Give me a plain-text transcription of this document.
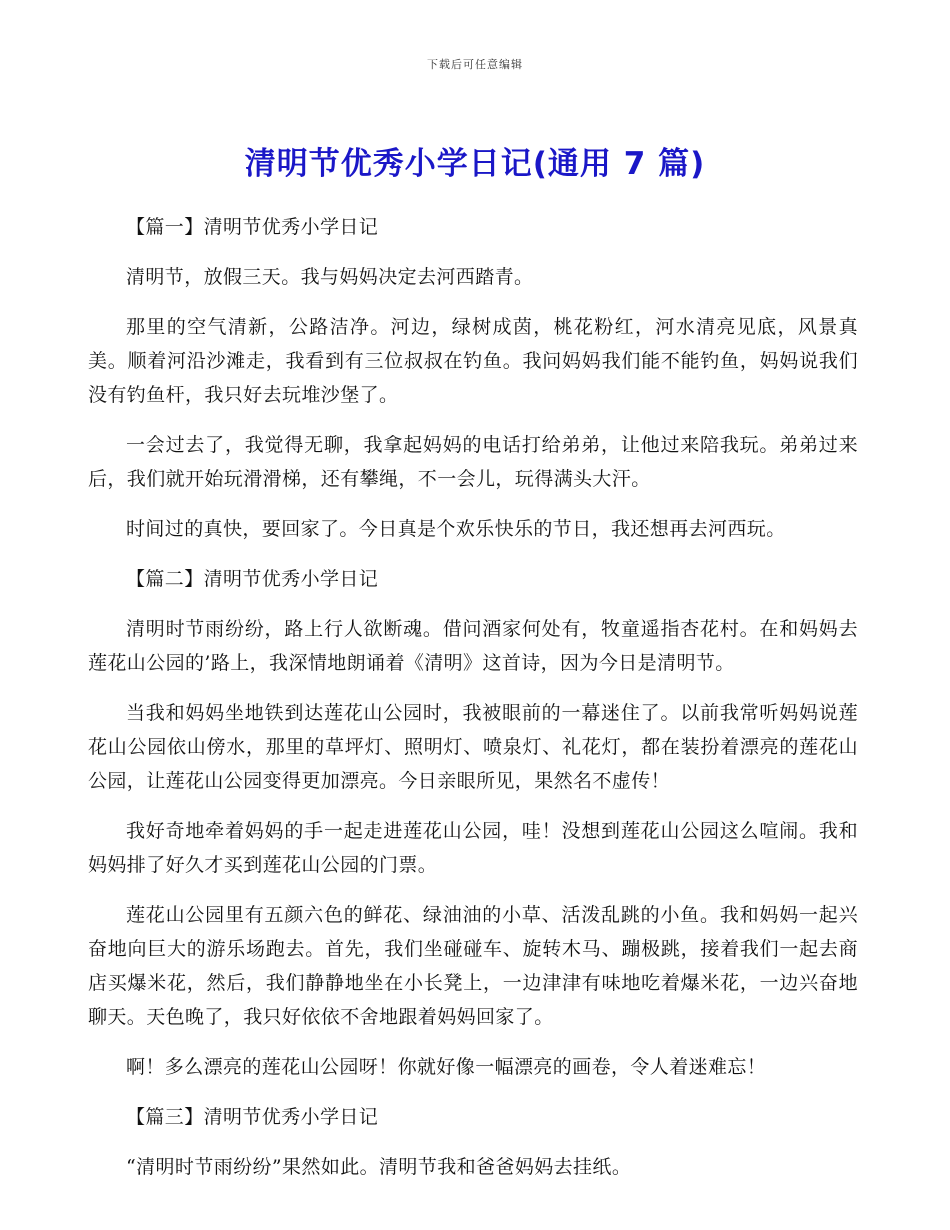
下载后可任意编辑
清明节优秀小学日记(通用 7 篇)

【篇一】清明节优秀小学日记

清明节，放假三天。我与妈妈决定去河西踏青。

那里的空气清新，公路洁净。河边，绿树成茵，桃花粉红，河水清亮见底，风景真美。顺着河沿沙滩走，我看到有三位叔叔在钓鱼。我问妈妈我们能不能钓鱼，妈妈说我们没有钓鱼杆，我只好去玩堆沙堡了。

一会过去了，我觉得无聊，我拿起妈妈的电话打给弟弟，让他过来陪我玩。弟弟过来后，我们就开始玩滑滑梯，还有攀绳，不一会儿，玩得满头大汗。

时间过的真快，要回家了。今日真是个欢乐快乐的节日，我还想再去河西玩。

【篇二】清明节优秀小学日记

清明时节雨纷纷，路上行人欲断魂。借问酒家何处有，牧童遥指杏花村。在和妈妈去莲花山公园的’路上，我深情地朗诵着《清明》这首诗，因为今日是清明节。

当我和妈妈坐地铁到达莲花山公园时，我被眼前的一幕迷住了。以前我常听妈妈说莲花山公园依山傍水，那里的草坪灯、照明灯、喷泉灯、礼花灯，都在装扮着漂亮的莲花山公园，让莲花山公园变得更加漂亮。今日亲眼所见，果然名不虚传！

我好奇地牵着妈妈的手一起走进莲花山公园，哇！没想到莲花山公园这么喧闹。我和妈妈排了好久才买到莲花山公园的门票。

莲花山公园里有五颜六色的鲜花、绿油油的小草、活泼乱跳的小鱼。我和妈妈一起兴奋地向巨大的游乐场跑去。首先，我们坐碰碰车、旋转木马、蹦极跳，接着我们一起去商店买爆米花，然后，我们静静地坐在小长凳上，一边津津有味地吃着爆米花，一边兴奋地聊天。天色晚了，我只好依依不舍地跟着妈妈回家了。

啊！多么漂亮的莲花山公园呀！你就好像一幅漂亮的画卷，令人着迷难忘！

【篇三】清明节优秀小学日记

“清明时节雨纷纷”果然如此。清明节我和爸爸妈妈去挂纸。
